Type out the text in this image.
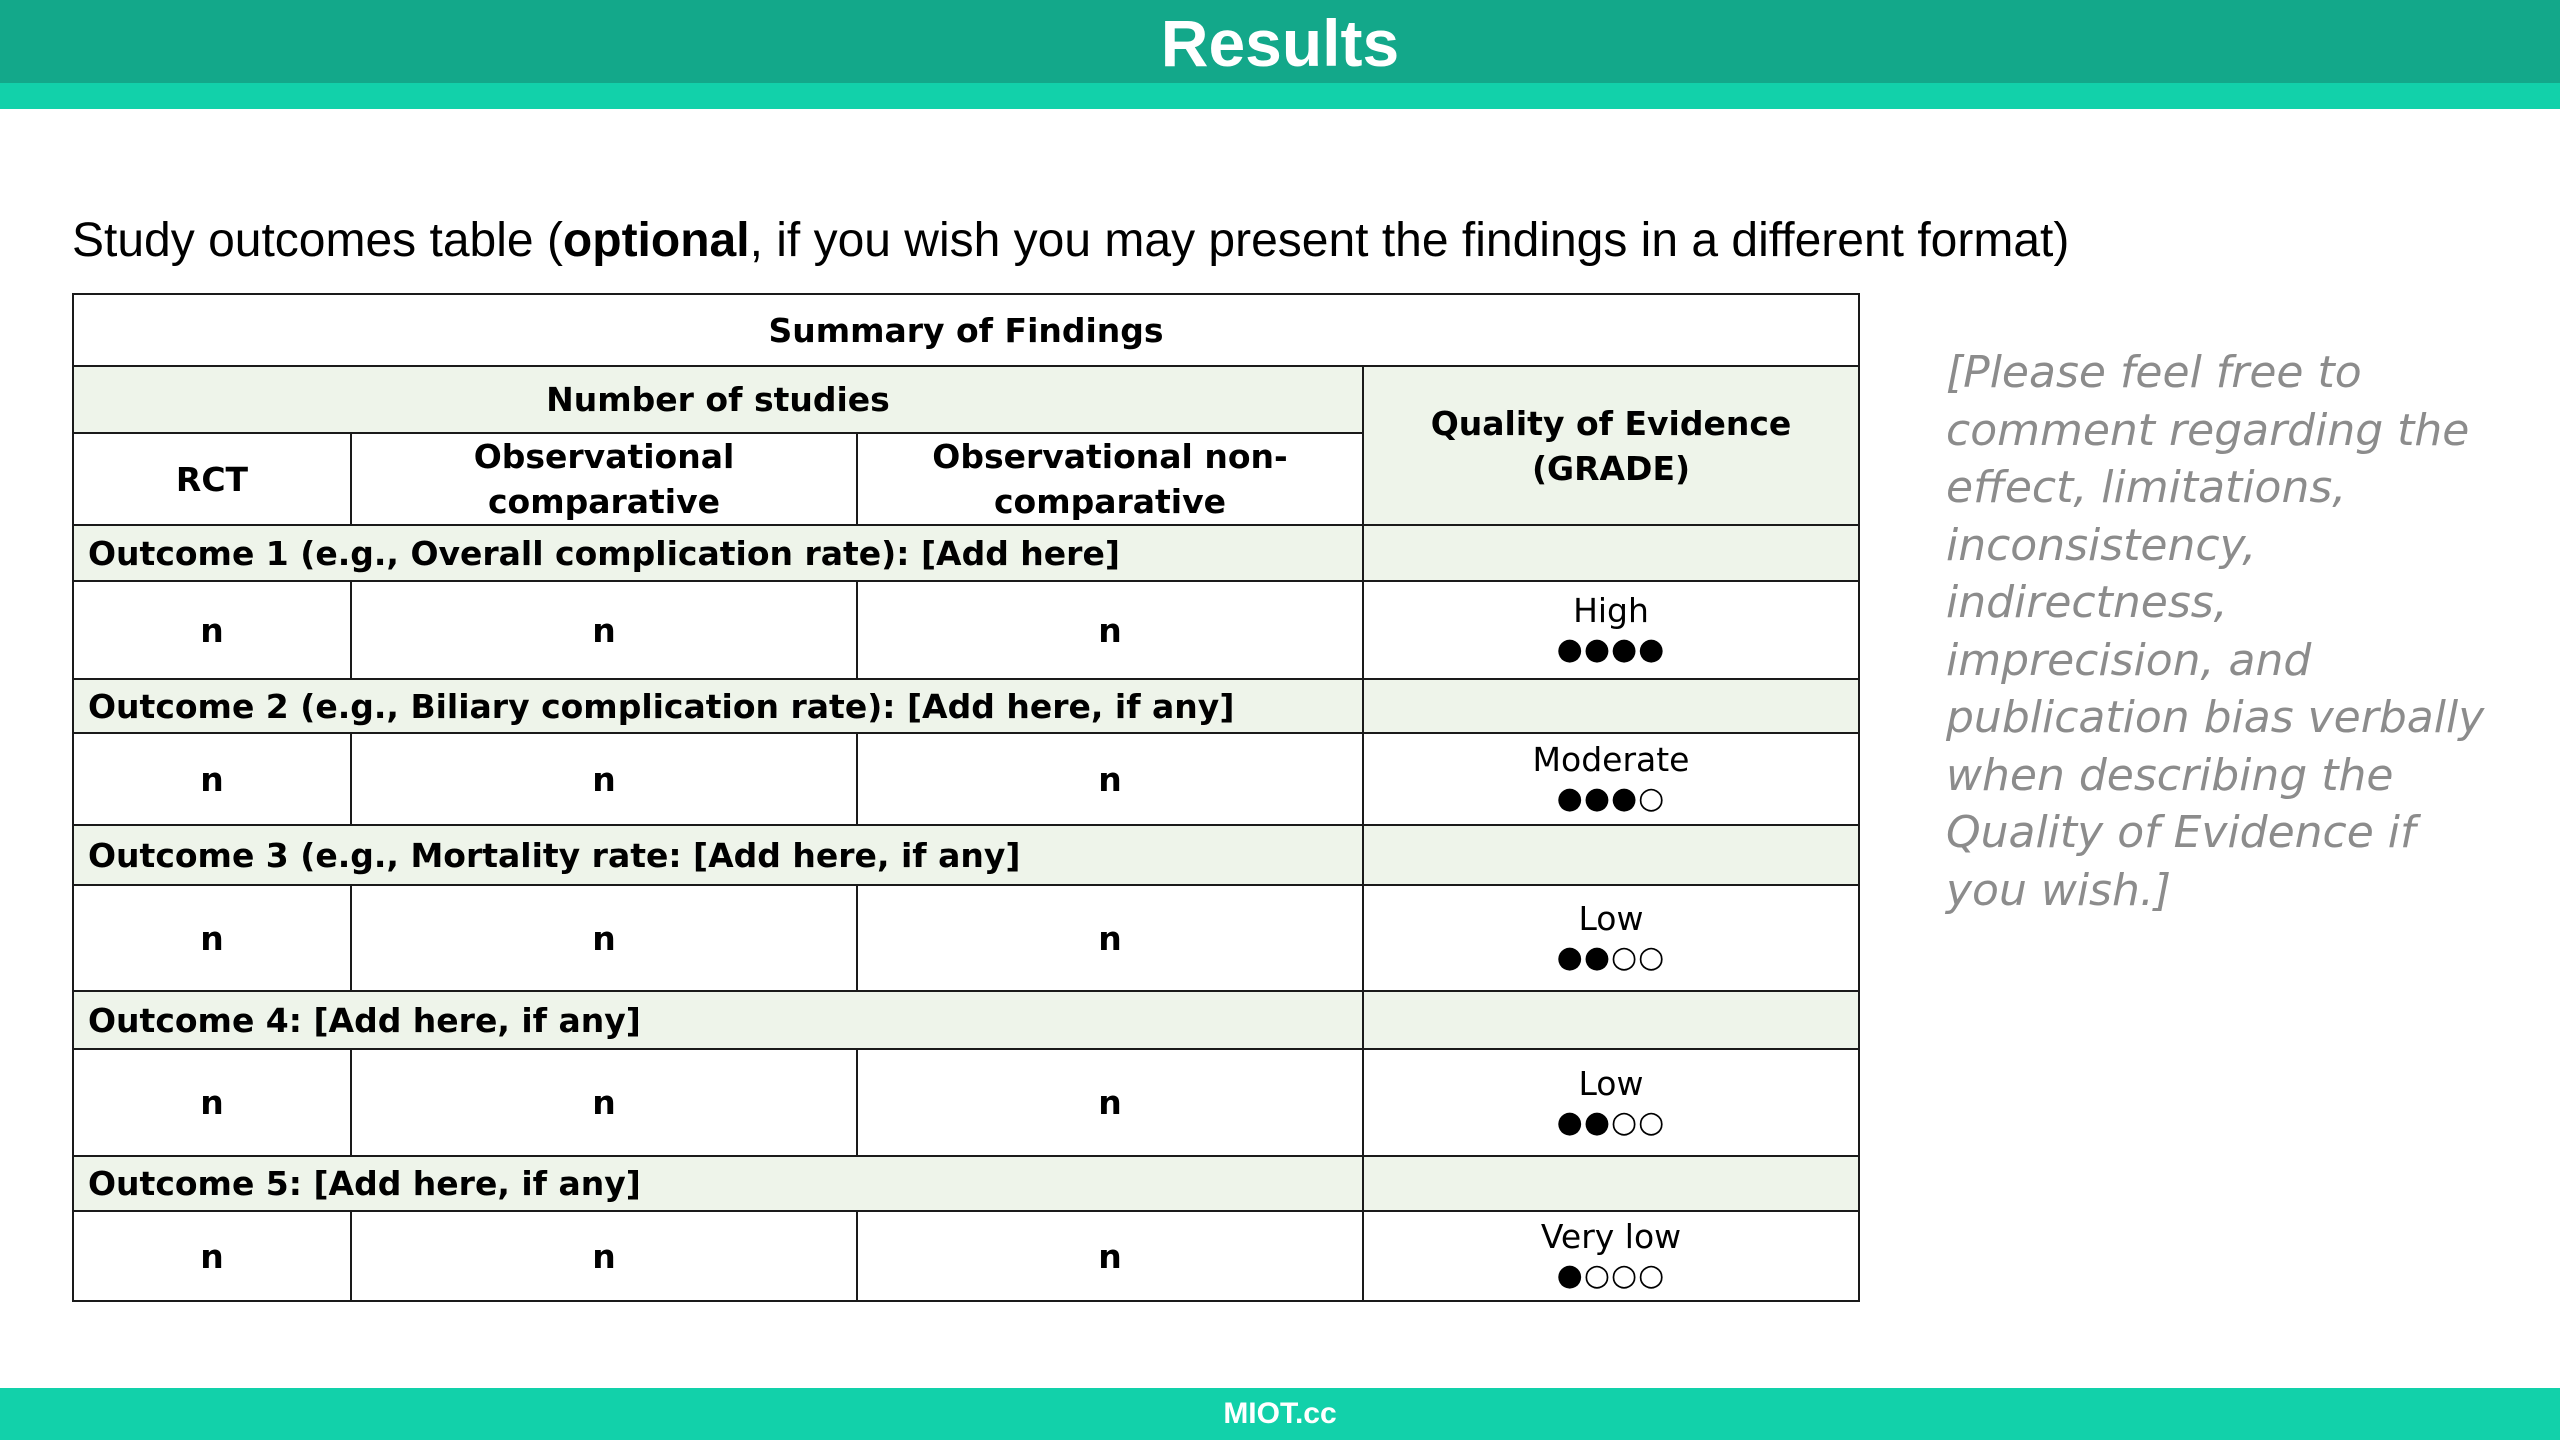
Results
Study outcomes table (optional, if you wish you may present the findings in a different format)
Summary of Findings			
Number of studies			Quality of Evidence (GRADE)
RCT	Observational comparative	Observational non-comparative	
Outcome 1 (e.g., Overall complication rate): [Add here]			
n	n	n	High
●●●●

Outcome 2 (e.g., Biliary complication rate): [Add here, if any]			
n	n	n	Moderate
●●●○

Outcome 3 (e.g., Mortality rate: [Add here, if any]			
n	n	n	Low
●●○○

Outcome 4: [Add here, if any]			
n	n	n	Low
●●○○

Outcome 5: [Add here, if any]			
n	n	n	Very low
●○○○
[Please feel free to comment regarding the effect, limitations, inconsistency, indirectness, imprecision, and publication bias verbally when describing the Quality of Evidence if you wish.]
MIOT.cc
